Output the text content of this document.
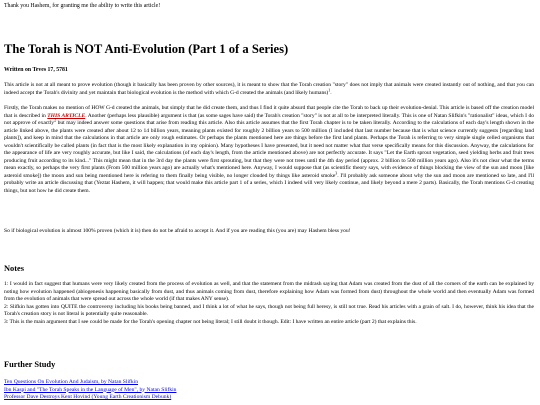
Thank you Hashem, for granting me the ability to write this article!
The Torah is NOT Anti-Evolution (Part 1 of a Series)
Written on Teves 17, 5781

This article is not at all meant to prove evolution (though it basically has been proven by other sources), it is meant to show that the Torah creation "story" does not imply that animals were created instantly out of nothing, and that you can indeed accept the Torah's divinity and yet maintain that biological evolution is the method with which G-d created the animals (and likely humans)$^1$.

Firstly, the Torah makes no mention of HOW G-d created the animals, but simply that he did create them, and thus I find it quite absurd that people cite the Torah to back up their evolution-denial. This article is based off the creation model that is described in THIS ARTICLE. Another (perhaps less plausible) argument is that (as some sages have said) the Torah's creation "story" is not at all to be interpreted literally. This is one of Natan Slifkin's "rationalist" ideas, which I do not approve of exactly$^2$ but may indeed answer some questions that arise from reading this article. Also this article assumes that the first Torah chapter is to be taken literally. According to the calculations of each day's length shown in the article linked above, the plants were created after about 12 to 14 billion years, meaning plants existed for roughly 2 billion years to 500 million (I included that last number because that is what science currently suggests [regarding land plants]), and keep in mind that the calculations in that article are only rough estimates. Or perhaps the plants mentioned here are things before the first land plants. Perhaps the Torah is referring to very simple single celled organisms that wouldn't scientifically be called plants (in fact that is the most likely explanation in my opinion). Many hypotheses I have presented, but it need not matter what that verse specifically means for this discussion. Anyway, the calculations for the appearance of life are very roughly accurate, but like I said, the calculations (of each day's length, from the article mentioned above) are not perfectly accurate. It says "Let the Earth sprout vegetation, seed yielding herbs and fruit trees producing fruit according to its kind..." This might mean that in the 3rd day the plants were first sprouting, but that they were not trees until the 4th day period (approx. 2 billion to 500 million years ago). Also it's not clear what the terms mean exactly, so perhaps the very first plants (From 500 million years ago) are actually what's mentioned here. Anyway, I would suppose that (as scientific theory says, with evidence of things blocking the view of the sun and moon [like asteroid smoke]) the moon and sun being mentioned here is refering to them finally being visible, no longer clouded by things like asteroid smoke$^3$. I'll probably ask someone about why the sun and moon are mentioned so late, and I'll probably write an article discussing that (Yeztat Hashem, it will happen; that would make this article part 1 of a series, which I indeed will very likely continue, and likely beyond a mere 2 parts). Basically, the Torah mentions G-d creating things, but not how he did create them.

So if biological evolution is almost 100% proven (which it is) then do not be afraid to accept it. And if you are reading this (you are) may Hashem bless you!

Notes

1: I would in fact suggest that humans were very likely created from the process of evolution as well, and that the statement from the midrash saying that Adam was created from the dust of all the corners of the earth can be explained by noting how evolution happened (abiogenesis happening basically from dust, and thus animals coming from dust, therefore explaining how Adam was formed from dust) throughout the whole world and then eventually Adam was formed from the evolution of animals that were spread out across the whole world (if that makes ANY sense).

2: Slifkin has gotten into QUITE the controversy including his books being banned, and I think a lot of what he says, though not being full heresy, is still not true. Read his articles with a grain of salt. I do, however, think his idea that the Torah's creation story is not literal is potentially quite reasonable.

3: This is the main argument that I see could be made for the Torah's opening chapter not being literal; I still doubt it though. Edit: I have written an entire article (part 2) that explains this.

Further Study
Ten Questions On Evolution And Judaism, by Natan Slifkin
Ibn Kaspi and "The Torah Speaks in the Language of Men", by Natan Slifkin
Professor Dave Destroys Kent Hovind (Young Earth Creationism Debunk)
